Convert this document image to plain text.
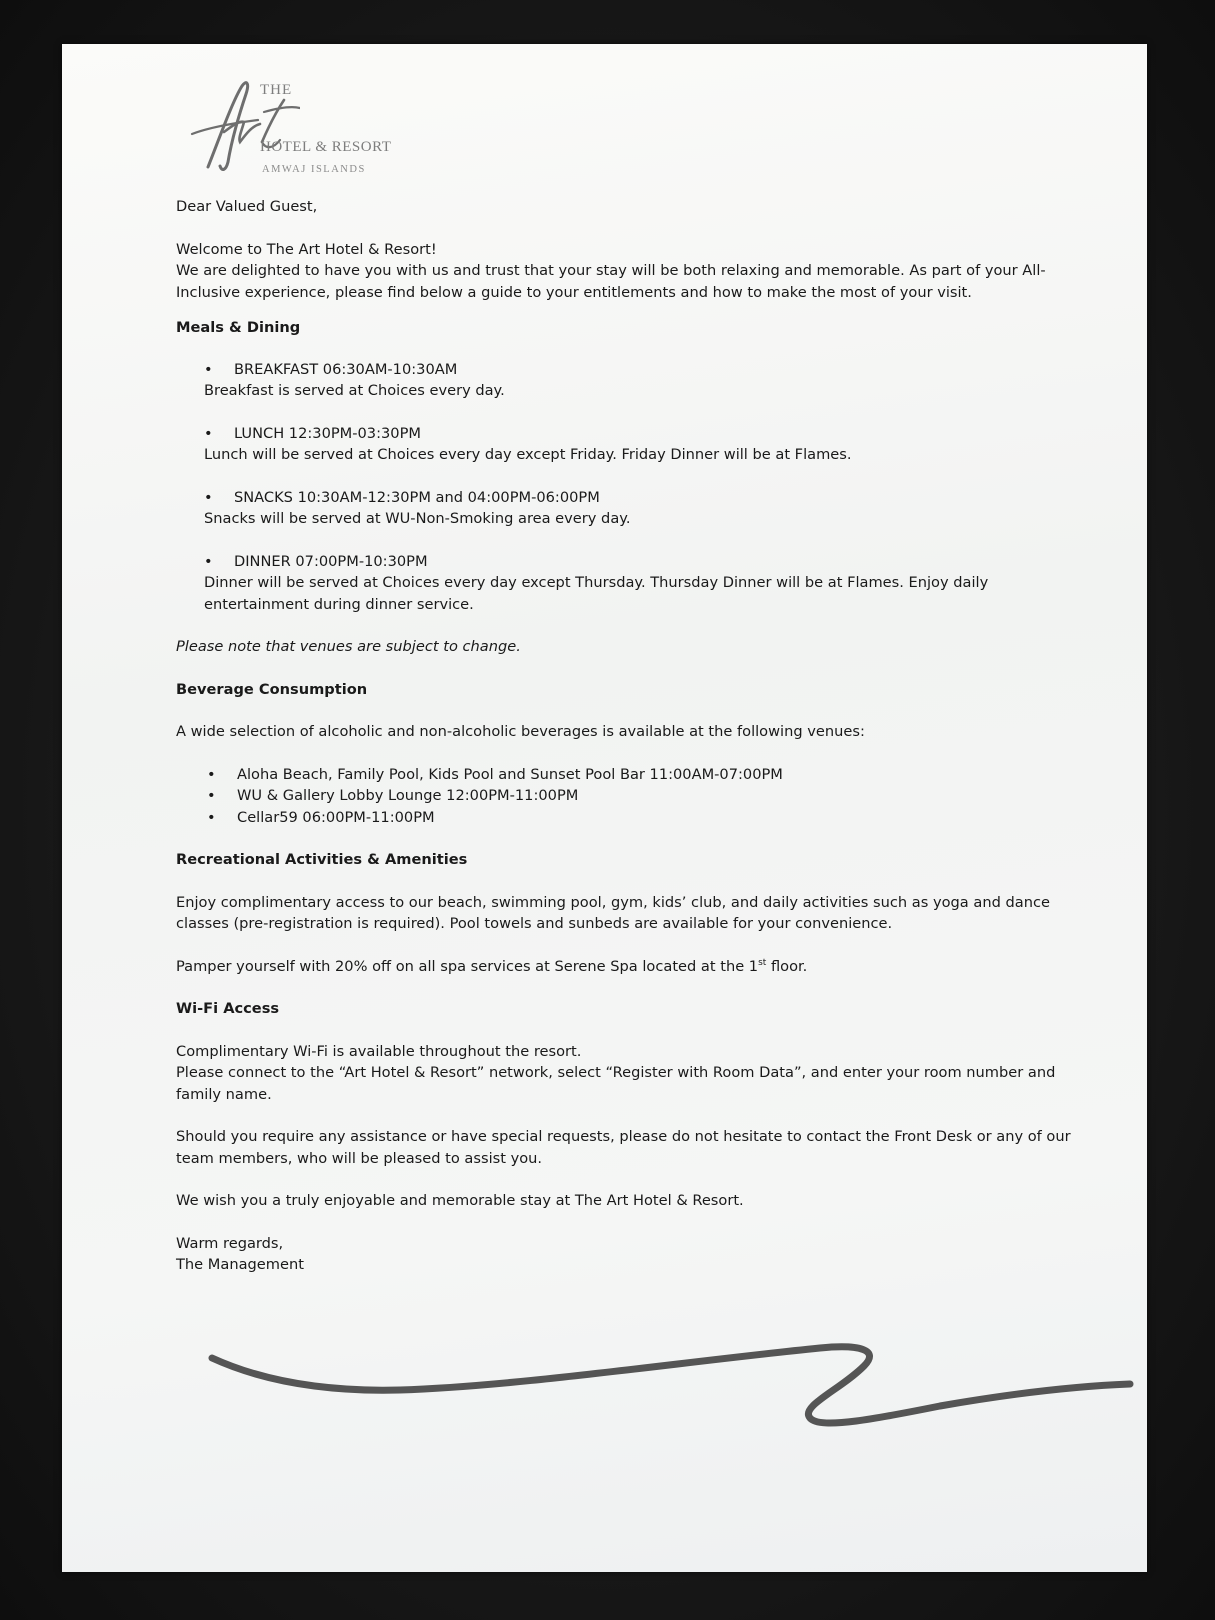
THE
HOTEL & RESORT
AMWAJ ISLANDS

Dear Valued Guest,

Welcome to The Art Hotel & Resort!

We are delighted to have you with us and trust that your stay will be both relaxing and memorable. As part of your All-Inclusive experience, please find below a guide to your entitlements and how to make the most of your visit.

Meals & Dining

• BREAKFAST 06:30AM-10:30AM

Breakfast is served at Choices every day.

• LUNCH 12:30PM-03:30PM

Lunch will be served at Choices every day except Friday. Friday Dinner will be at Flames.

• SNACKS 10:30AM-12:30PM and 04:00PM-06:00PM

Snacks will be served at WU-Non-Smoking area every day.

• DINNER 07:00PM-10:30PM

Dinner will be served at Choices every day except Thursday. Thursday Dinner will be at Flames. Enjoy daily entertainment during dinner service.

Please note that venues are subject to change.

Beverage Consumption

A wide selection of alcoholic and non-alcoholic beverages is available at the following venues:

• Aloha Beach, Family Pool, Kids Pool and Sunset Pool Bar 11:00AM-07:00PM
• WU & Gallery Lobby Lounge 12:00PM-11:00PM
• Cellar59 06:00PM-11:00PM

Recreational Activities & Amenities

Enjoy complimentary access to our beach, swimming pool, gym, kids’ club, and daily activities such as yoga and dance classes (pre-registration is required). Pool towels and sunbeds are available for your convenience.

Pamper yourself with 20% off on all spa services at Serene Spa located at the 1st floor.

Wi-Fi Access

Complimentary Wi-Fi is available throughout the resort.

Please connect to the “Art Hotel & Resort” network, select “Register with Room Data”, and enter your room number and family name.

Should you require any assistance or have special requests, please do not hesitate to contact the Front Desk or any of our team members, who will be pleased to assist you.

We wish you a truly enjoyable and memorable stay at The Art Hotel & Resort.

Warm regards,

The Management
